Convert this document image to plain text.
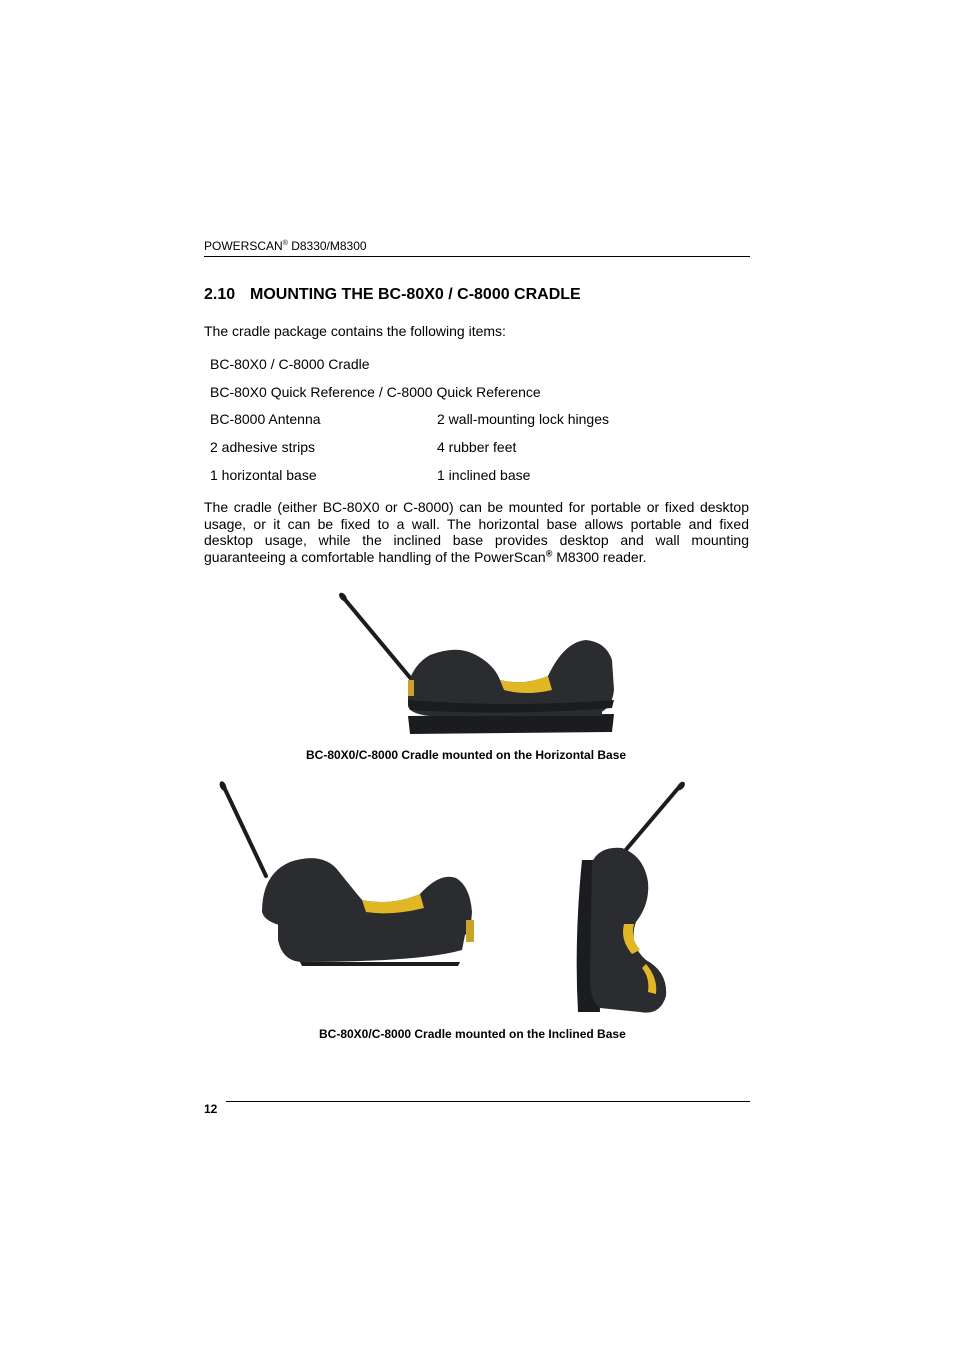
POWERSCAN® D8330/M8300
2.10 MOUNTING THE BC-80X0 / C-8000 CRADLE
The cradle package contains the following items:
BC-80X0 / C-8000 Cradle
BC-80X0 Quick Reference / C-8000 Quick Reference
BC-8000 Antenna	2 wall-mounting lock hinges
2 adhesive strips	4 rubber feet
1 horizontal base	1 inclined base
The cradle (either BC-80X0 or C-8000) can be mounted for portable or fixed desktop usage, or it can be fixed to a wall. The horizontal base allows portable and fixed desktop usage, while the inclined base provides desktop and wall mounting guaranteeing a comfortable handling of the PowerScan® M8300 reader.
BC-80X0/C-8000 Cradle mounted on the Horizontal Base
BC-80X0/C-8000 Cradle mounted on the Inclined Base
12
